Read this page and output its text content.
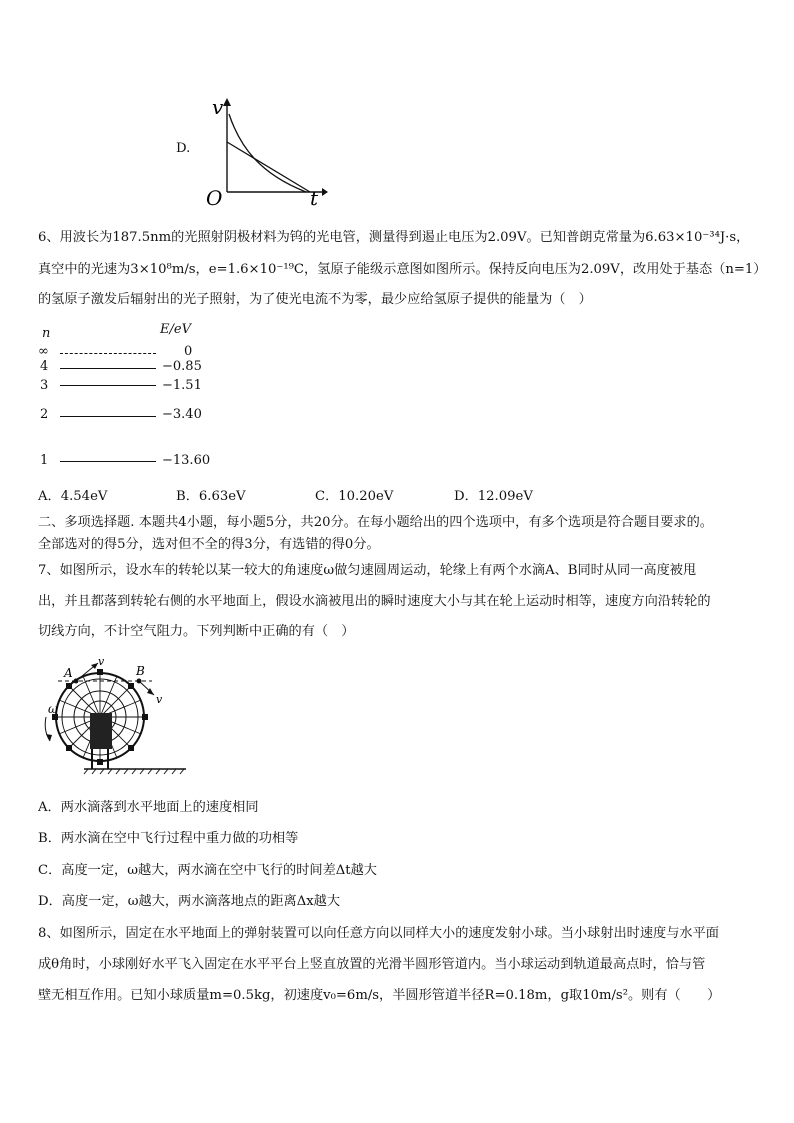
D.
v
t
O
6、用波长为187.5nm的光照射阴极材料为钨的光电管，测量得到遏止电压为2.09V。已知普朗克常量为6.63×10⁻³⁴J·s，
真空中的光速为3×10⁸m/s，e=1.6×10⁻¹⁹C，氢原子能级示意图如图所示。保持反向电压为2.09V，改用处于基态（n=1）
的氢原子激发后辐射出的光子照射，为了使光电流不为零，最少应给氢原子提供的能量为（　）
n	E/eV
∞	0
4	−0.85
3	−1.51
2	−3.40
1	−13.60
A．4.54eV	B．6.63eV	C．10.20eV	D．12.09eV
二、多项选择题. 本题共4小题，每小题5分，共20分。在每小题给出的四个选项中，有多个选项是符合题目要求的。
全部选对的得5分，选对但不全的得3分，有选错的得0分。
7、如图所示，设水车的转轮以某一较大的角速度ω做匀速圆周运动，轮缘上有两个水滴A、B同时从同一高度被甩
出，并且都落到转轮右侧的水平地面上，假设水滴被甩出的瞬时速度大小与其在轮上运动时相等，速度方向沿转轮的
切线方向，不计空气阻力。下列判断中正确的有（　）
A	B
v
v
ω
A．两水滴落到水平地面上的速度相同
B．两水滴在空中飞行过程中重力做的功相等
C．高度一定，ω越大，两水滴在空中飞行的时间差Δt越大
D．高度一定，ω越大，两水滴落地点的距离Δx越大
8、如图所示，固定在水平地面上的弹射装置可以向任意方向以同样大小的速度发射小球。当小球射出时速度与水平面
成θ角时，小球刚好水平飞入固定在水平平台上竖直放置的光滑半圆形管道内。当小球运动到轨道最高点时，恰与管
壁无相互作用。已知小球质量m=0.5kg，初速度v₀=6m/s，半圆形管道半径R=0.18m，g取10m/s²。则有（　　）
